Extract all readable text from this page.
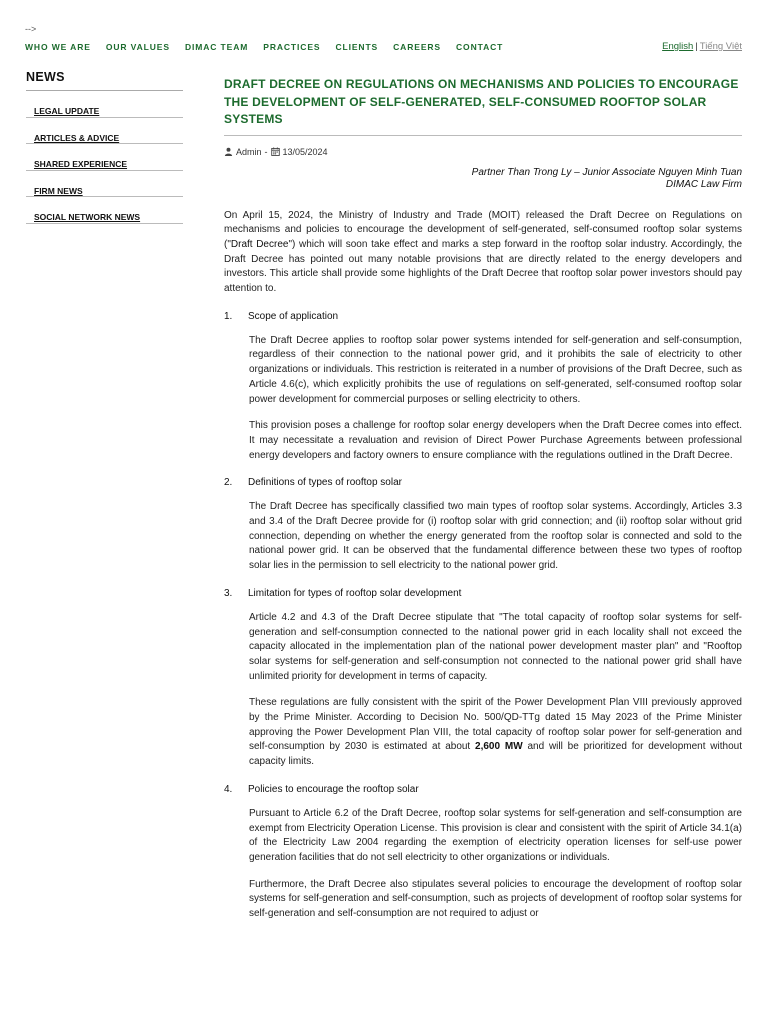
-->
WHO WE ARE OUR VALUES DIMAC TEAM PRACTICES CLIENTS CAREERS CONTACT	English | Tiếng Việt
NEWS
LEGAL UPDATE
ARTICLES & ADVICE
SHARED EXPERIENCE
FIRM NEWS
SOCIAL NETWORK NEWS
DRAFT DECREE ON REGULATIONS ON MECHANISMS AND POLICIES TO ENCOURAGE THE DEVELOPMENT OF SELF-GENERATED, SELF-CONSUMED ROOFTOP SOLAR SYSTEMS
Admin - 13/05/2024
Partner Than Trong Ly – Junior Associate Nguyen Minh Tuan
DIMAC Law Firm

On April 15, 2024, the Ministry of Industry and Trade (MOIT) released the Draft Decree on Regulations on mechanisms and policies to encourage the development of self-generated, self-consumed rooftop solar systems ("Draft Decree") which will soon take effect and marks a step forward in the rooftop solar industry. Accordingly, the Draft Decree has pointed out many notable provisions that are directly related to the energy developers and investors. This article shall provide some highlights of the Draft Decree that rooftop solar power investors should pay attention to.

1.	Scope of application

The Draft Decree applies to rooftop solar power systems intended for self-generation and self-consumption, regardless of their connection to the national power grid, and it prohibits the sale of electricity to other organizations or individuals. This restriction is reiterated in a number of provisions of the Draft Decree, such as Article 4.6(c), which explicitly prohibits the use of regulations on self-generated, self-consumed rooftop solar power development for commercial purposes or selling electricity to others.

This provision poses a challenge for rooftop solar energy developers when the Draft Decree comes into effect. It may necessitate a revaluation and revision of Direct Power Purchase Agreements between professional energy developers and factory owners to ensure compliance with the regulations outlined in the Draft Decree.

2.	Definitions of types of rooftop solar

The Draft Decree has specifically classified two main types of rooftop solar systems. Accordingly, Articles 3.3 and 3.4 of the Draft Decree provide for (i) rooftop solar with grid connection; and (ii) rooftop solar without grid connection, depending on whether the energy generated from the rooftop solar is connected and sold to the national power grid. It can be observed that the fundamental difference between these two types of rooftop solar lies in the permission to sell electricity to the national power grid.

3.	Limitation for types of rooftop solar development

Article 4.2 and 4.3 of the Draft Decree stipulate that "The total capacity of rooftop solar systems for self-generation and self-consumption connected to the national power grid in each locality shall not exceed the capacity allocated in the implementation plan of the national power development master plan" and "Rooftop solar systems for self-generation and self-consumption not connected to the national power grid shall have unlimited priority for development in terms of capacity.

These regulations are fully consistent with the spirit of the Power Development Plan VIII previously approved by the Prime Minister. According to Decision No. 500/QD-TTg dated 15 May 2023 of the Prime Minister approving the Power Development Plan VIII, the total capacity of rooftop solar power for self-generation and self-consumption by 2030 is estimated at about 2,600 MW and will be prioritized for development without capacity limits.

4.	Policies to encourage the rooftop solar

Pursuant to Article 6.2 of the Draft Decree, rooftop solar systems for self-generation and self-consumption are exempt from Electricity Operation License. This provision is clear and consistent with the spirit of Article 34.1(a) of the Electricity Law 2004 regarding the exemption of electricity operation licenses for self-use power generation facilities that do not sell electricity to other organizations or individuals.

Furthermore, the Draft Decree also stipulates several policies to encourage the development of rooftop solar systems for self-generation and self-consumption, such as projects of development of rooftop solar systems for self-generation and self-consumption are not required to adjust or
